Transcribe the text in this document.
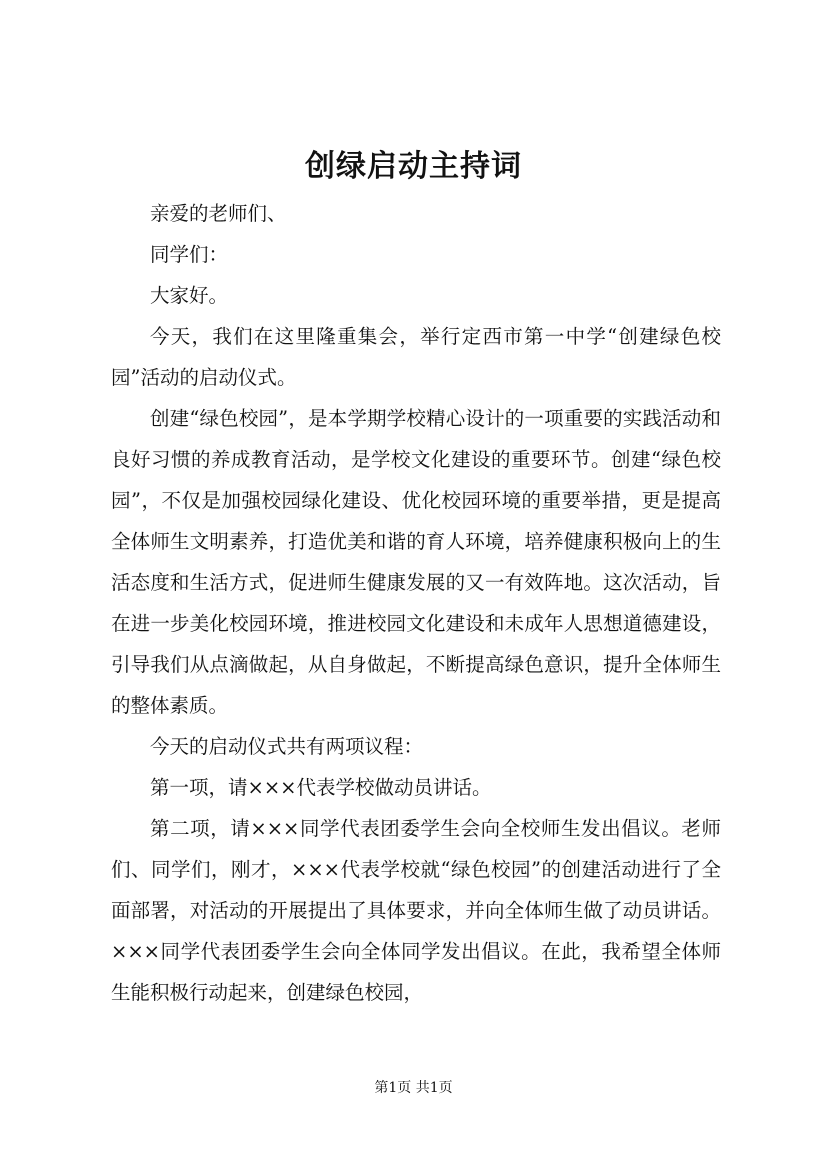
创绿启动主持词

亲爱的老师们、

同学们：

大家好。

今天，我们在这里隆重集会，举行定西市第一中学“创建绿色校园”活动的启动仪式。

创建“绿色校园”，是本学期学校精心设计的一项重要的实践活动和良好习惯的养成教育活动，是学校文化建设的重要环节。创建“绿色校园”，不仅是加强校园绿化建设、优化校园环境的重要举措，更是提高全体师生文明素养，打造优美和谐的育人环境，培养健康积极向上的生活态度和生活方式，促进师生健康发展的又一有效阵地。这次活动，旨在进一步美化校园环境，推进校园文化建设和未成年人思想道德建设，引导我们从点滴做起，从自身做起，不断提高绿色意识，提升全体师生的整体素质。

今天的启动仪式共有两项议程：

第一项，请×××代表学校做动员讲话。

第二项，请×××同学代表团委学生会向全校师生发出倡议。老师们、同学们，刚才，×××代表学校就“绿色校园”的创建活动进行了全面部署，对活动的开展提出了具体要求，并向全体师生做了动员讲话。×××同学代表团委学生会向全体同学发出倡议。在此，我希望全体师生能积极行动起来，创建绿色校园，

第1页 共1页
